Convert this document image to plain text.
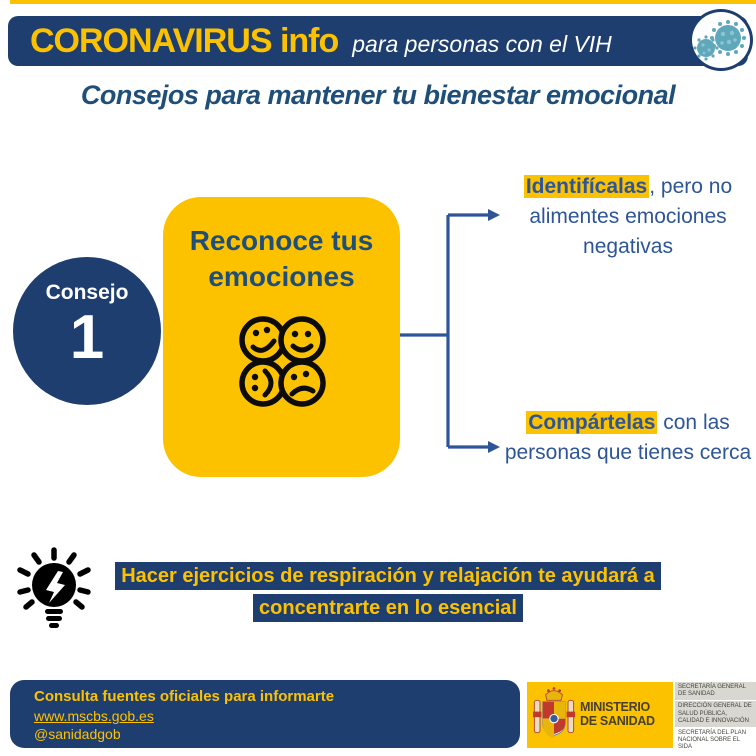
CORONAVIRUS info para personas con el VIH
Consejos para mantener tu bienestar emocional
Consejo
1
Reconoce tus emociones
Identifícalas, pero no alimentes emociones negativas
Compártelas con las personas que tienes cerca
Hacer ejercicios de respiración y relajación te ayudará a
concentrarte en lo esencial

Consulta fuentes oficiales para informarte

www.mscbs.gob.es

@sanidadgob

MINISTERIO
DE SANIDAD
SECRETARÍA GENERAL DE SANIDAD
DIRECCIÓN GENERAL DE SALUD PÚBLICA, CALIDAD E INNOVACIÓN
SECRETARÍA DEL PLAN NACIONAL SOBRE EL SIDA
